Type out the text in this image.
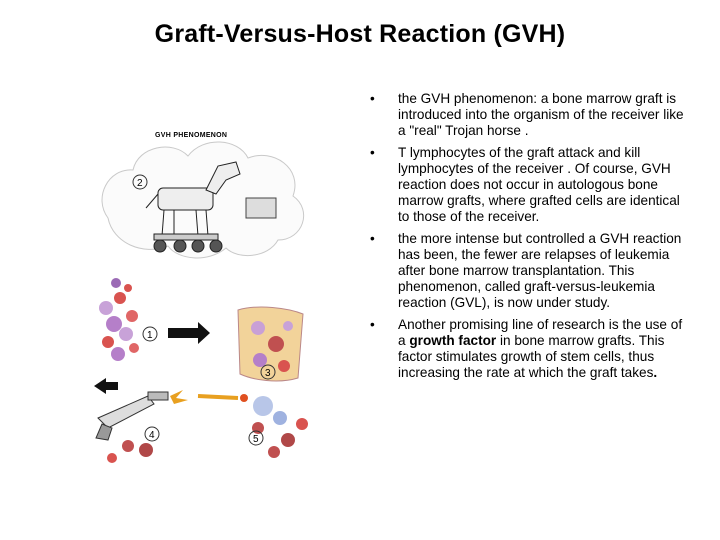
Graft-Versus-Host Reaction (GVH)
2
1
3
4	5
GVH PHENOMENON
• the GVH phenomenon: a bone marrow graft is introduced into the organism of the receiver like a "real" Trojan horse .
• T lymphocytes of the graft attack and kill lymphocytes of the receiver . Of course, GVH reaction does not occur in autologous bone marrow grafts, where grafted cells are identical to those of the receiver.
• the more intense but controlled a GVH reaction has been, the fewer are relapses of leukemia after bone marrow transplantation. This phenomenon, called graft-versus-leukemia reaction (GVL), is now under study.
• Another promising line of research is the use of a growth factor in bone marrow grafts. This factor stimulates growth of stem cells, thus increasing the rate at which the graft takes.
